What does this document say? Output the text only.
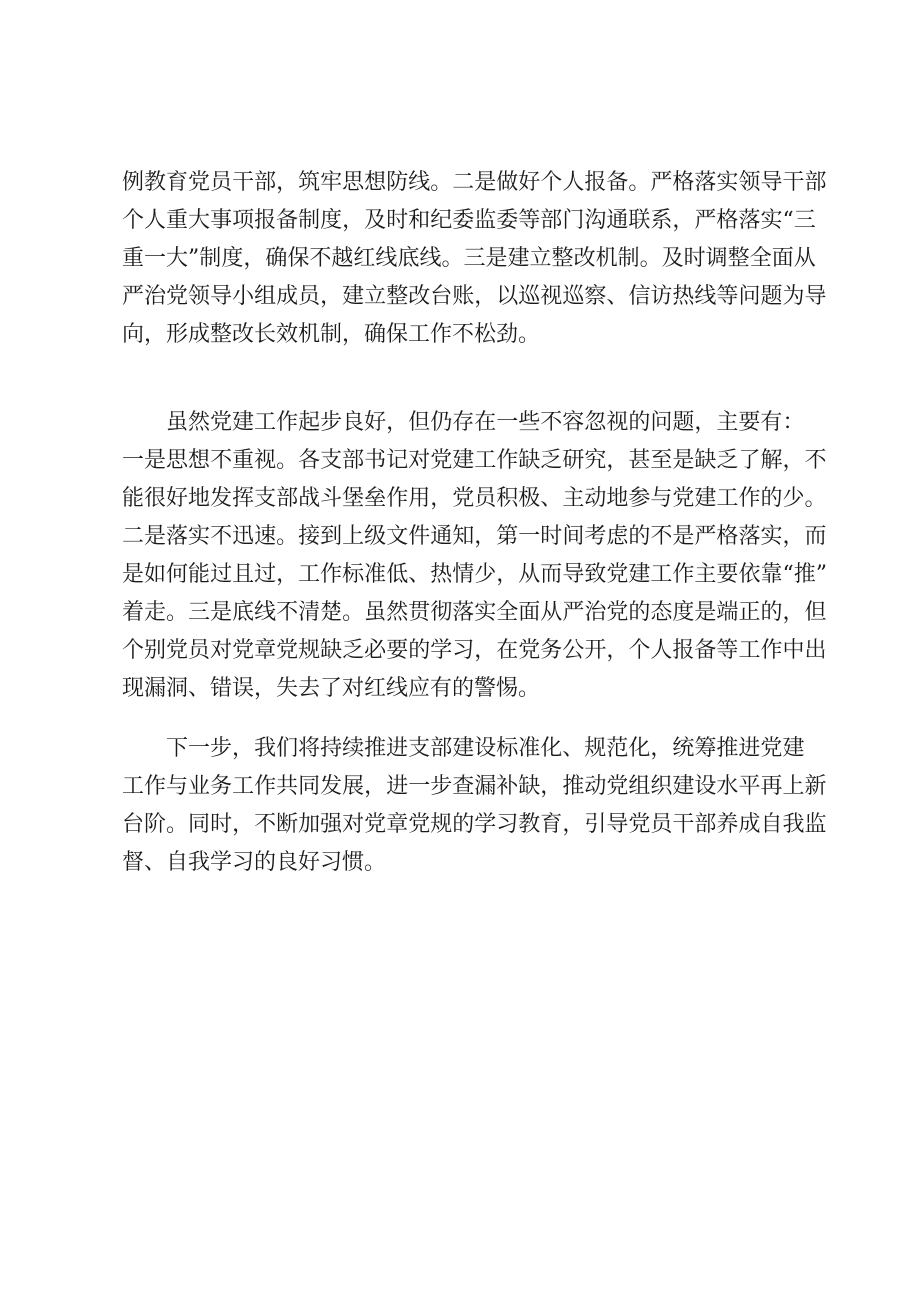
例 教 育 党 员 干 部 ， 筑 牢 思 想 防 线 。 二 是 做 好 个 人 报 备 。 严 格 落 实 领 导 干 部
个 人 重 大 事 项 报 备 制 度 ， 及 时 和 纪 委 监 委 等 部 门 沟 通 联 系 ， 严 格 落 实 “ 三
重 一 大 ” 制 度 ， 确 保 不 越 红 线 底 线 。 三 是 建 立 整 改 机 制 。 及 时 调 整 全 面 从
严 治 党 领 导 小 组 成 员 ， 建 立 整 改 台 账 ， 以 巡 视 巡 察 、 信 访 热 线 等 问 题 为 导
向，形成整改长效机制，确保工作不松劲。
虽 然 党 建 工 作 起 步 良 好 ， 但 仍 存 在 一 些 不 容 忽 视 的 问 题 ， 主 要 有 ：
一 是 思 想 不 重 视 。 各 支 部 书 记 对 党 建 工 作 缺 乏 研 究 ， 甚 至 是 缺 乏 了 解 ， 不
能 很 好 地 发 挥 支 部 战 斗 堡 垒 作 用 ， 党 员 积 极 、 主 动 地 参 与 党 建 工 作 的 少 。
二 是 落 实 不 迅 速 。 接 到 上 级 文 件 通 知 ， 第 一 时 间 考 虑 的 不 是 严 格 落 实 ， 而
是 如 何 能 过 且 过 ， 工 作 标 准 低 、 热 情 少 ， 从 而 导 致 党 建 工 作 主 要 依 靠 “ 推 ”
着 走 。 三 是 底 线 不 清 楚 。 虽 然 贯 彻 落 实 全 面 从 严 治 党 的 态 度 是 端 正 的 ， 但
个 别 党 员 对 党 章 党 规 缺 乏 必 要 的 学 习 ， 在 党 务 公 开 ， 个 人 报 备 等 工 作 中 出
现漏洞、错误，失去了对红线应有的警惕。
下 一 步 ， 我 们 将 持 续 推 进 支 部 建 设 标 准 化 、 规 范 化 ， 统 筹 推 进 党 建
工 作 与 业 务 工 作 共 同 发 展 ， 进 一 步 查 漏 补 缺 ， 推 动 党 组 织 建 设 水 平 再 上 新
台 阶 。 同 时 ， 不 断 加 强 对 党 章 党 规 的 学 习 教 育 ， 引 导 党 员 干 部 养 成 自 我 监
督、自我学习的良好习惯。
